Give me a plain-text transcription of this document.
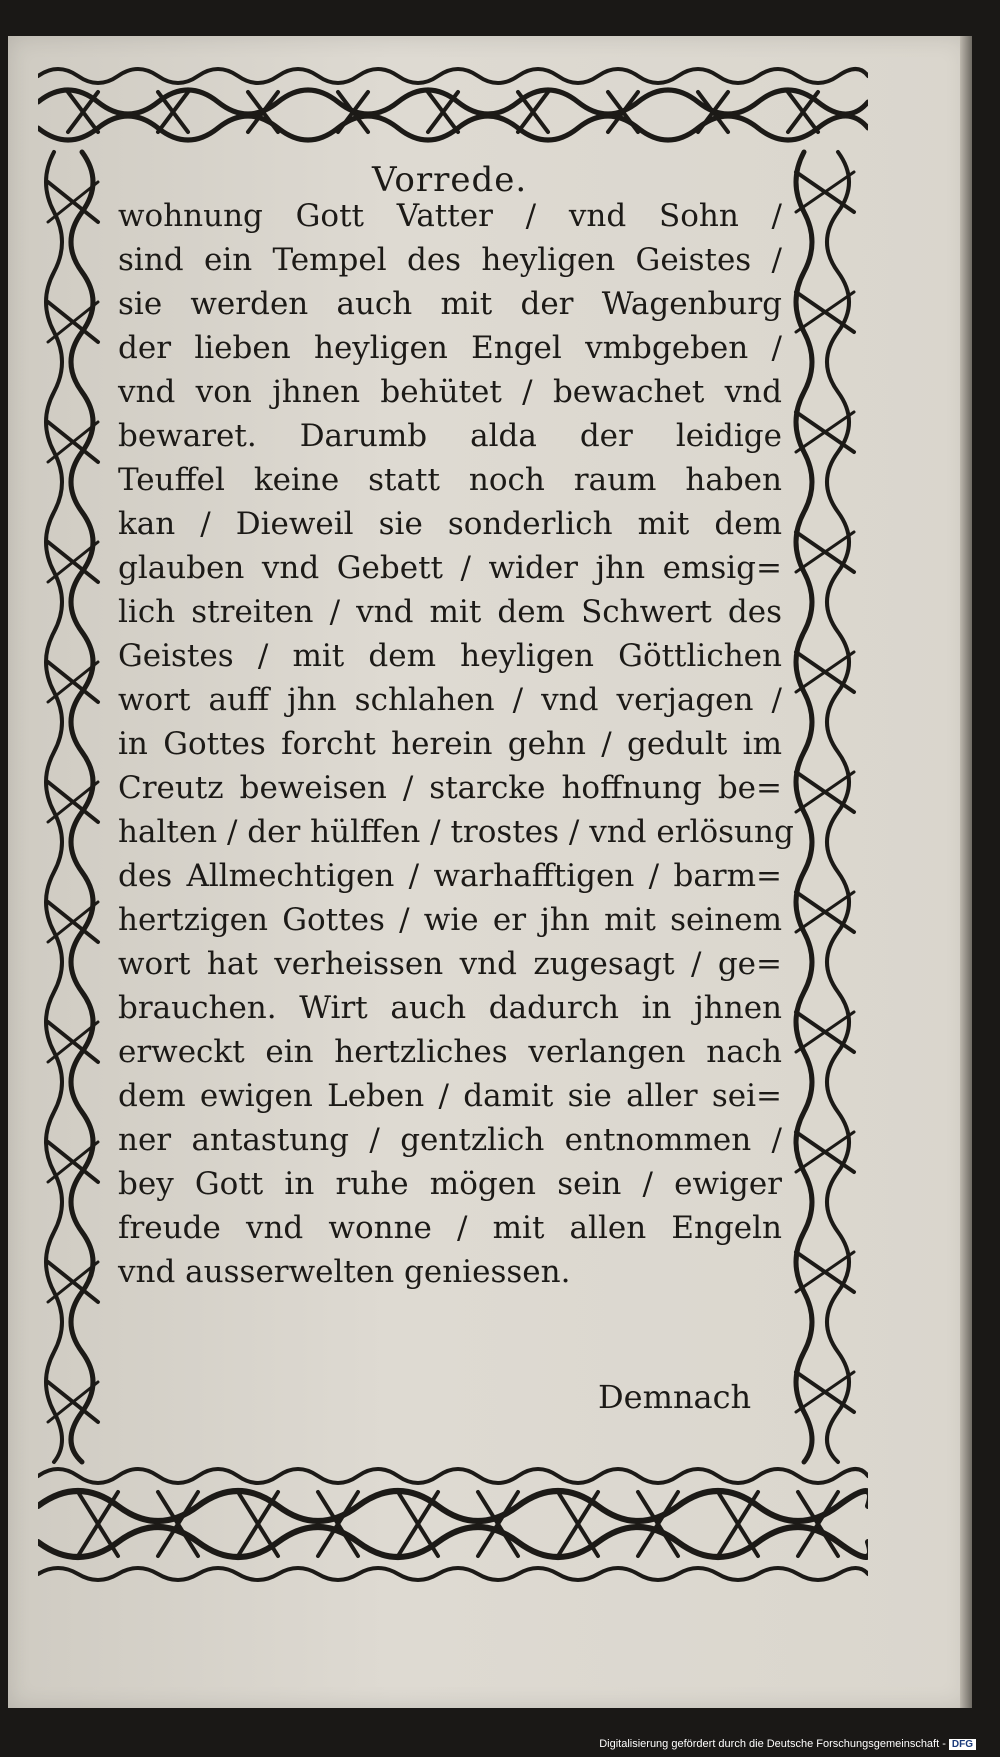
Vorrede.
wohnung Gott Vatter / vnd Sohn /
sind ein Tempel des heyligen Geistes /
sie werden auch mit der Wagenburg
der lieben heyligen Engel vmbgeben /
vnd von jhnen behütet / bewachet vnd
bewaret. Darumb alda der leidige
Teuffel keine statt noch raum haben
kan / Dieweil sie sonderlich mit dem
glauben vnd Gebett / wider jhn emsig=
lich streiten / vnd mit dem Schwert des
Geistes / mit dem heyligen Göttlichen
wort auff jhn schlahen / vnd verjagen /
in Gottes forcht herein gehn / gedult im
Creutz beweisen / starcke hoffnung be=
halten / der hülffen / trostes / vnd erlösung
des Allmechtigen / warhafftigen / barm=
hertzigen Gottes / wie er jhn mit seinem
wort hat verheissen vnd zugesagt / ge=
brauchen. Wirt auch dadurch in jhnen
erweckt ein hertzliches verlangen nach
dem ewigen Leben / damit sie aller sei=
ner antastung / gentzlich entnommen /
bey Gott in ruhe mögen sein / ewiger
freude vnd wonne / mit allen Engeln
vnd ausserwelten geniessen.
Demnach
Digitalisierung gefördert durch die Deutsche Forschungsgemeinschaft - DFG
